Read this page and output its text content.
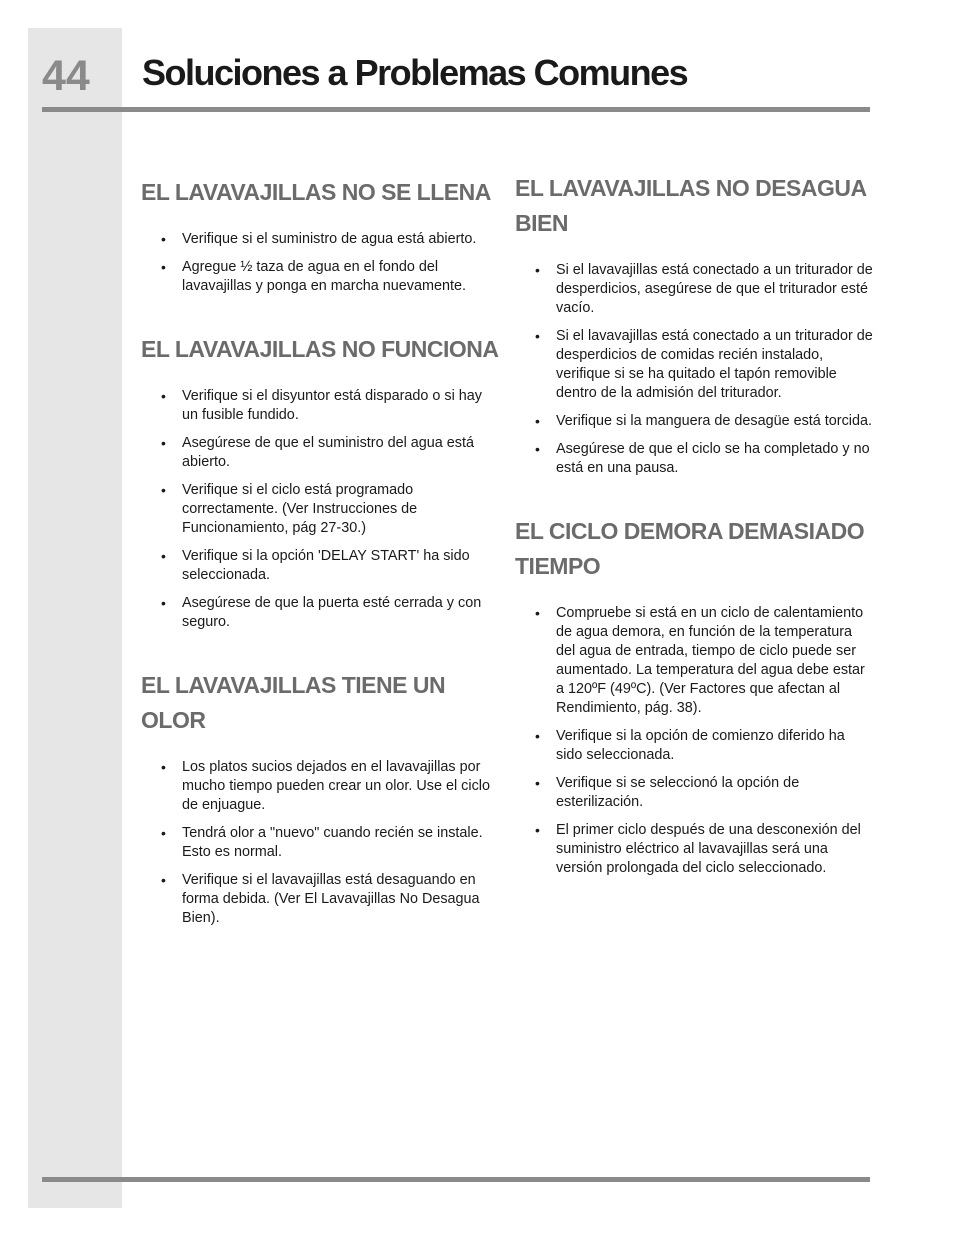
44 Soluciones a Problemas Comunes
EL LAVAVAJILLAS NO SE LLENA
• Verifique si el suministro de agua está abierto.
• Agregue ½ taza de agua en el fondo del lavavajillas y ponga en marcha nuevamente.
EL LAVAVAJILLAS NO FUNCIONA
• Verifique si el disyuntor está disparado o si hay un fusible fundido.
• Asegúrese de que el suministro del agua está abierto.
• Verifique si el ciclo está programado correctamente. (Ver Instrucciones de Funcionamiento, pág 27-30.)
• Verifique si la opción 'DELAY START' ha sido seleccionada.
• Asegúrese de que la puerta esté cerrada y con seguro.
EL LAVAVAJILLAS TIENE UN OLOR
• Los platos sucios dejados en el lavavajillas por mucho tiempo pueden crear un olor. Use el ciclo de enjuague.
• Tendrá olor a "nuevo" cuando recién se instale. Esto es normal.
• Verifique si el lavavajillas está desaguando en forma debida. (Ver El Lavavajillas No Desagua Bien).
EL LAVAVAJILLAS NO DESAGUA BIEN
• Si el lavavajillas está conectado a un triturador de desperdicios, asegúrese de que el triturador esté vacío.
• Si el lavavajillas está conectado a un triturador de desperdicios de comidas recién instalado, verifique si se ha quitado el tapón removible dentro de la admisión del triturador.
• Verifique si la manguera de desagüe está torcida.
• Asegúrese de que el ciclo se ha completado y no está en una pausa.
EL CICLO DEMORA DEMASIADO TIEMPO
• Compruebe si está en un ciclo de calentamiento de agua demora, en función de la temperatura del agua de entrada, tiempo de ciclo puede ser aumentado. La temperatura del agua debe estar a 120ºF (49ºC). (Ver Factores que afectan al Rendimiento, pág. 38).
• Verifique si la opción de comienzo diferido ha sido seleccionada.
• Verifique si se seleccionó la opción de esterilización.
• El primer ciclo después de una desconexión del suministro eléctrico al lavavajillas será una versión prolongada del ciclo seleccionado.
